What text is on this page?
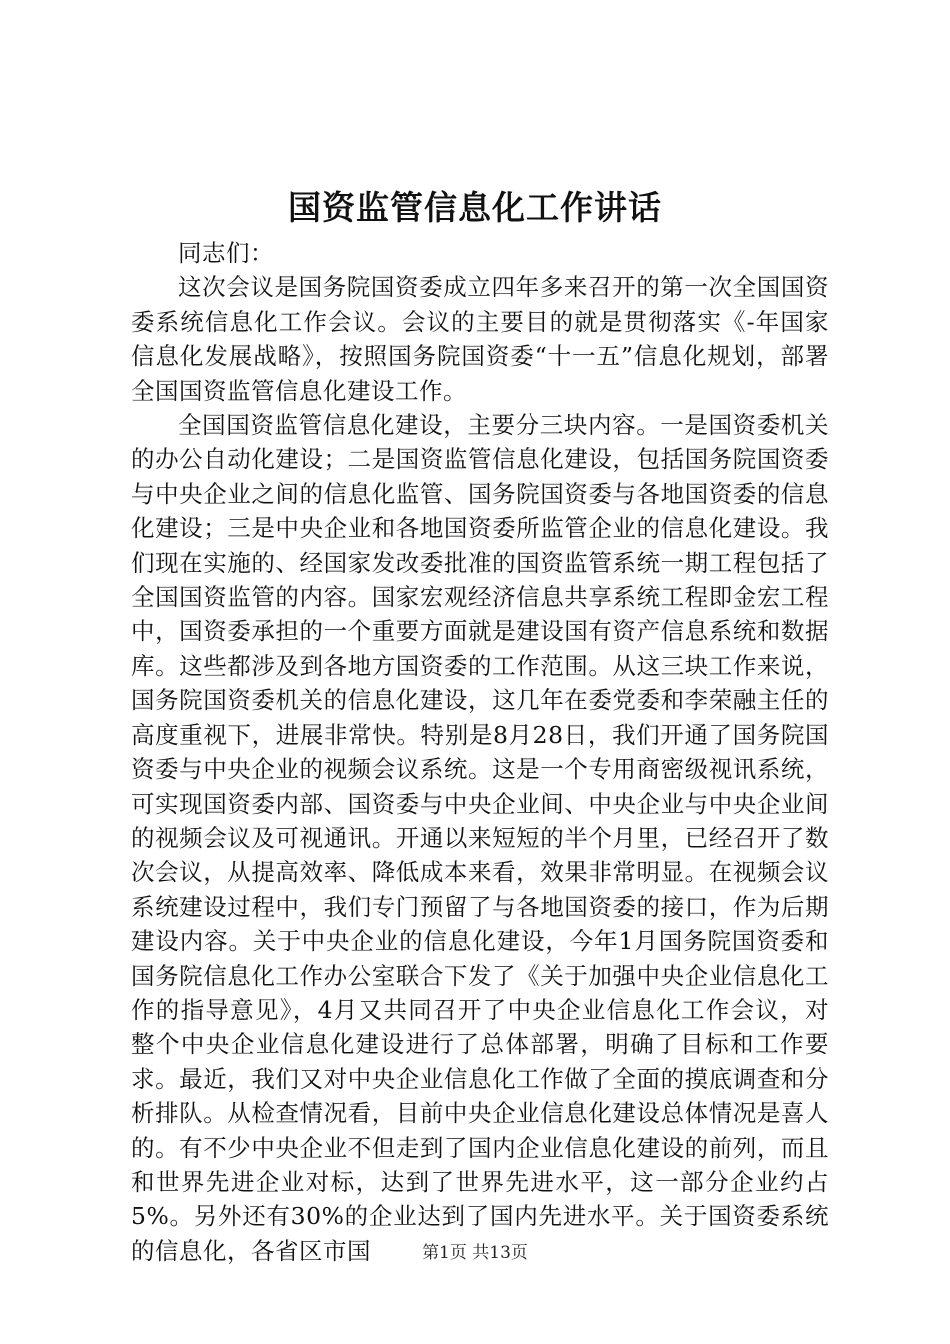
国资监管信息化工作讲话

同志们：

这次会议是国务院国资委成立四年多来召开的第一次全国国资委系统信息化工作会议。会议的主要目的就是贯彻落实《-年国家信息化发展战略》，按照国务院国资委“十一五”信息化规划，部署全国国资监管信息化建设工作。

全国国资监管信息化建设，主要分三块内容。一是国资委机关的办公自动化建设；二是国资监管信息化建设，包括国务院国资委与中央企业之间的信息化监管、国务院国资委与各地国资委的信息化建设；三是中央企业和各地国资委所监管企业的信息化建设。我们现在实施的、经国家发改委批准的国资监管系统一期工程包括了全国国资监管的内容。国家宏观经济信息共享系统工程即金宏工程中，国资委承担的一个重要方面就是建设国有资产信息系统和数据库。这些都涉及到各地方国资委的工作范围。从这三块工作来说，国务院国资委机关的信息化建设，这几年在委党委和李荣融主任的高度重视下，进展非常快。特别是8月28日，我们开通了国务院国资委与中央企业的视频会议系统。这是一个专用商密级视讯系统，可实现国资委内部、国资委与中央企业间、中央企业与中央企业间的视频会议及可视通讯。开通以来短短的半个月里，已经召开了数次会议，从提高效率、降低成本来看，效果非常明显。在视频会议系统建设过程中，我们专门预留了与各地国资委的接口，作为后期建设内容。关于中央企业的信息化建设，今年1月国务院国资委和国务院信息化工作办公室联合下发了《关于加强中央企业信息化工作的指导意见》，4月又共同召开了中央企业信息化工作会议，对整个中央企业信息化建设进行了总体部署，明确了目标和工作要求。最近，我们又对中央企业信息化工作做了全面的摸底调查和分析排队。从检查情况看，目前中央企业信息化建设总体情况是喜人的。有不少中央企业不但走到了国内企业信息化建设的前列，而且和世界先进企业对标，达到了世界先进水平，这一部分企业约占5%。另外还有30%的企业达到了国内先进水平。关于国资委系统的信息化，各省区市国	第1页 共13页
